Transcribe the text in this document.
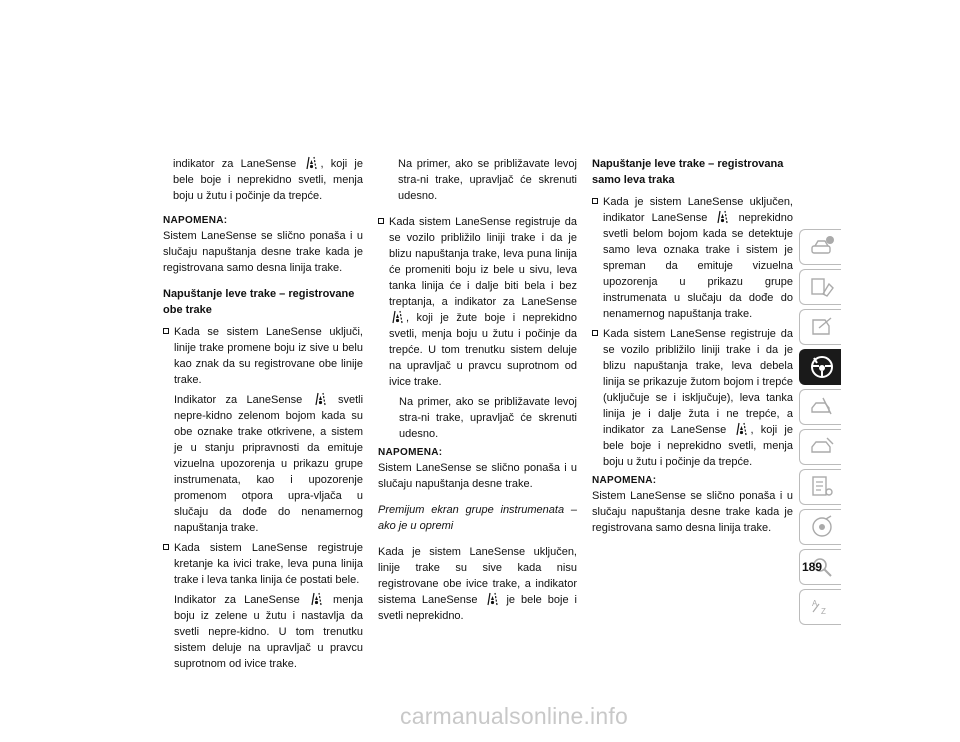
indikator za LaneSense , koji je bele boje i neprekidno svetli, menja boju u žutu i počinje da trepće.

NAPOMENA:
Sistem LaneSense se slično ponaša i u slučaju napuštanja desne trake kada je registrovana samo desna linija trake.

Napuštanje leve trake – registrovane obe trake

Kada se sistem LaneSense uključi, linije trake promene boju iz sive u belu kao znak da su registrovane obe linije trake.

Indikator za LaneSense	svetli nepre-kidno zelenom bojom kada su obe oznake trake otkrivene, a sistem je u stanju pripravnosti da emituje vizuelna upozorenja u prikazu grupe instrumenata, kao i upozorenje promenom otpora upra-vljača u slučaju da dođe do nenamernog napuštanja trake.

Kada sistem LaneSense registruje kretanje ka ivici trake, leva puna linija trake i leva tanka linija će postati bele.

Indikator za LaneSense	menja boju iz zelene u žutu i nastavlja da svetli nepre-kidno. U tom trenutku sistem deluje na upravljač u pravcu suprotnom od ivice trake.

Na primer, ako se približavate levoj stra-ni trake, upravljač će skrenuti udesno.

Kada sistem LaneSense registruje da se vozilo približilo liniji trake i da je blizu napuštanja trake, leva puna linija će promeniti boju iz bele u sivu, leva tanka linija će i dalje biti bela i bez treptanja, a indikator za LaneSense
, koji je žute boje i neprekidno svetli, menja boju u žutu i počinje da trepće. U tom trenutku sistem deluje na upravljač u pravcu suprotnom od ivice trake.

Na primer, ako se približavate levoj stra-ni trake, upravljač će skrenuti udesno.

NAPOMENA:
Sistem LaneSense se slično ponaša i u slučaju napuštanja desne trake.

Premijum ekran grupe instrumenata – ako je u opremi

Kada je sistem LaneSense uključen, linije trake su sive kada nisu registrovane obe ivice trake, a indikator sistema LaneSense	je bele boje i svetli neprekidno.

Napuštanje leve trake – registrovana samo leva traka

Kada je sistem LaneSense uključen, indikator LaneSense	neprekidno svetli belom bojom kada se detektuje samo leva oznaka trake i sistem je spreman da emituje vizuelna upozorenja u prikazu grupe instrumenata u slučaju da dođe do nenamernog napuštanja trake.

Kada sistem LaneSense registruje da se vozilo približilo liniji trake i da je blizu napuštanja trake, leva debela linija se prikazuje žutom bojom i trepće (uključuje se i isključuje), leva tanka linija je i dalje žuta i ne trepće, a indikator za LaneSense , koji je bele boje i neprekidno svetli, menja boju u žutu i počinje da trepće.

NAPOMENA:
Sistem LaneSense se slično ponaša i u slučaju napuštanja desne trake kada je registrovana samo desna linija trake.

A
Z
189
carmanualsonline.info
